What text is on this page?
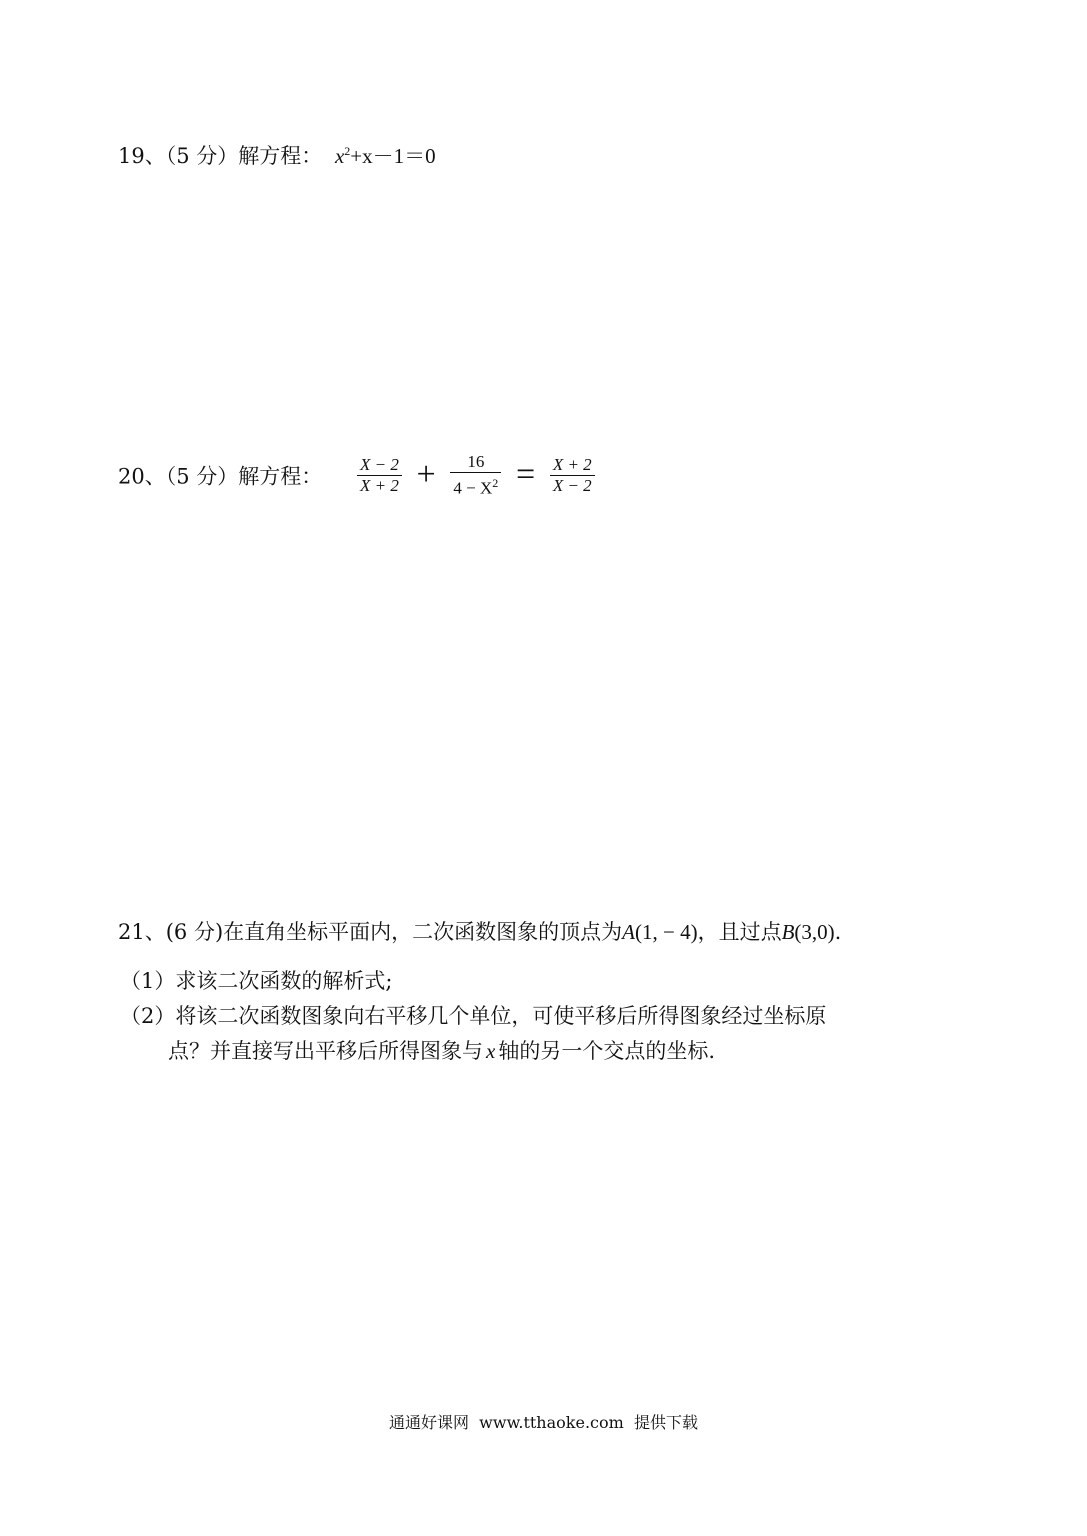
19、（5 分）解方程： $x^2+x-1=0$
20、（5 分）解方程： $\frac{X - 2}{X + 2} + \frac{16}{4 - X^2} = \frac{X + 2}{X - 2}$
21、(6 分)在直角坐标平面内，二次函数图象的顶点为A(1, − 4)，且过点B(3,0).
（1）求该二次函数的解析式;
（2）将该二次函数图象向右平移几个单位，可使平移后所得图象经过坐标原
点？并直接写出平移后所得图象与 x 轴的另一个交点的坐标.
通通好课网  www.tthaoke.com  提供下载
